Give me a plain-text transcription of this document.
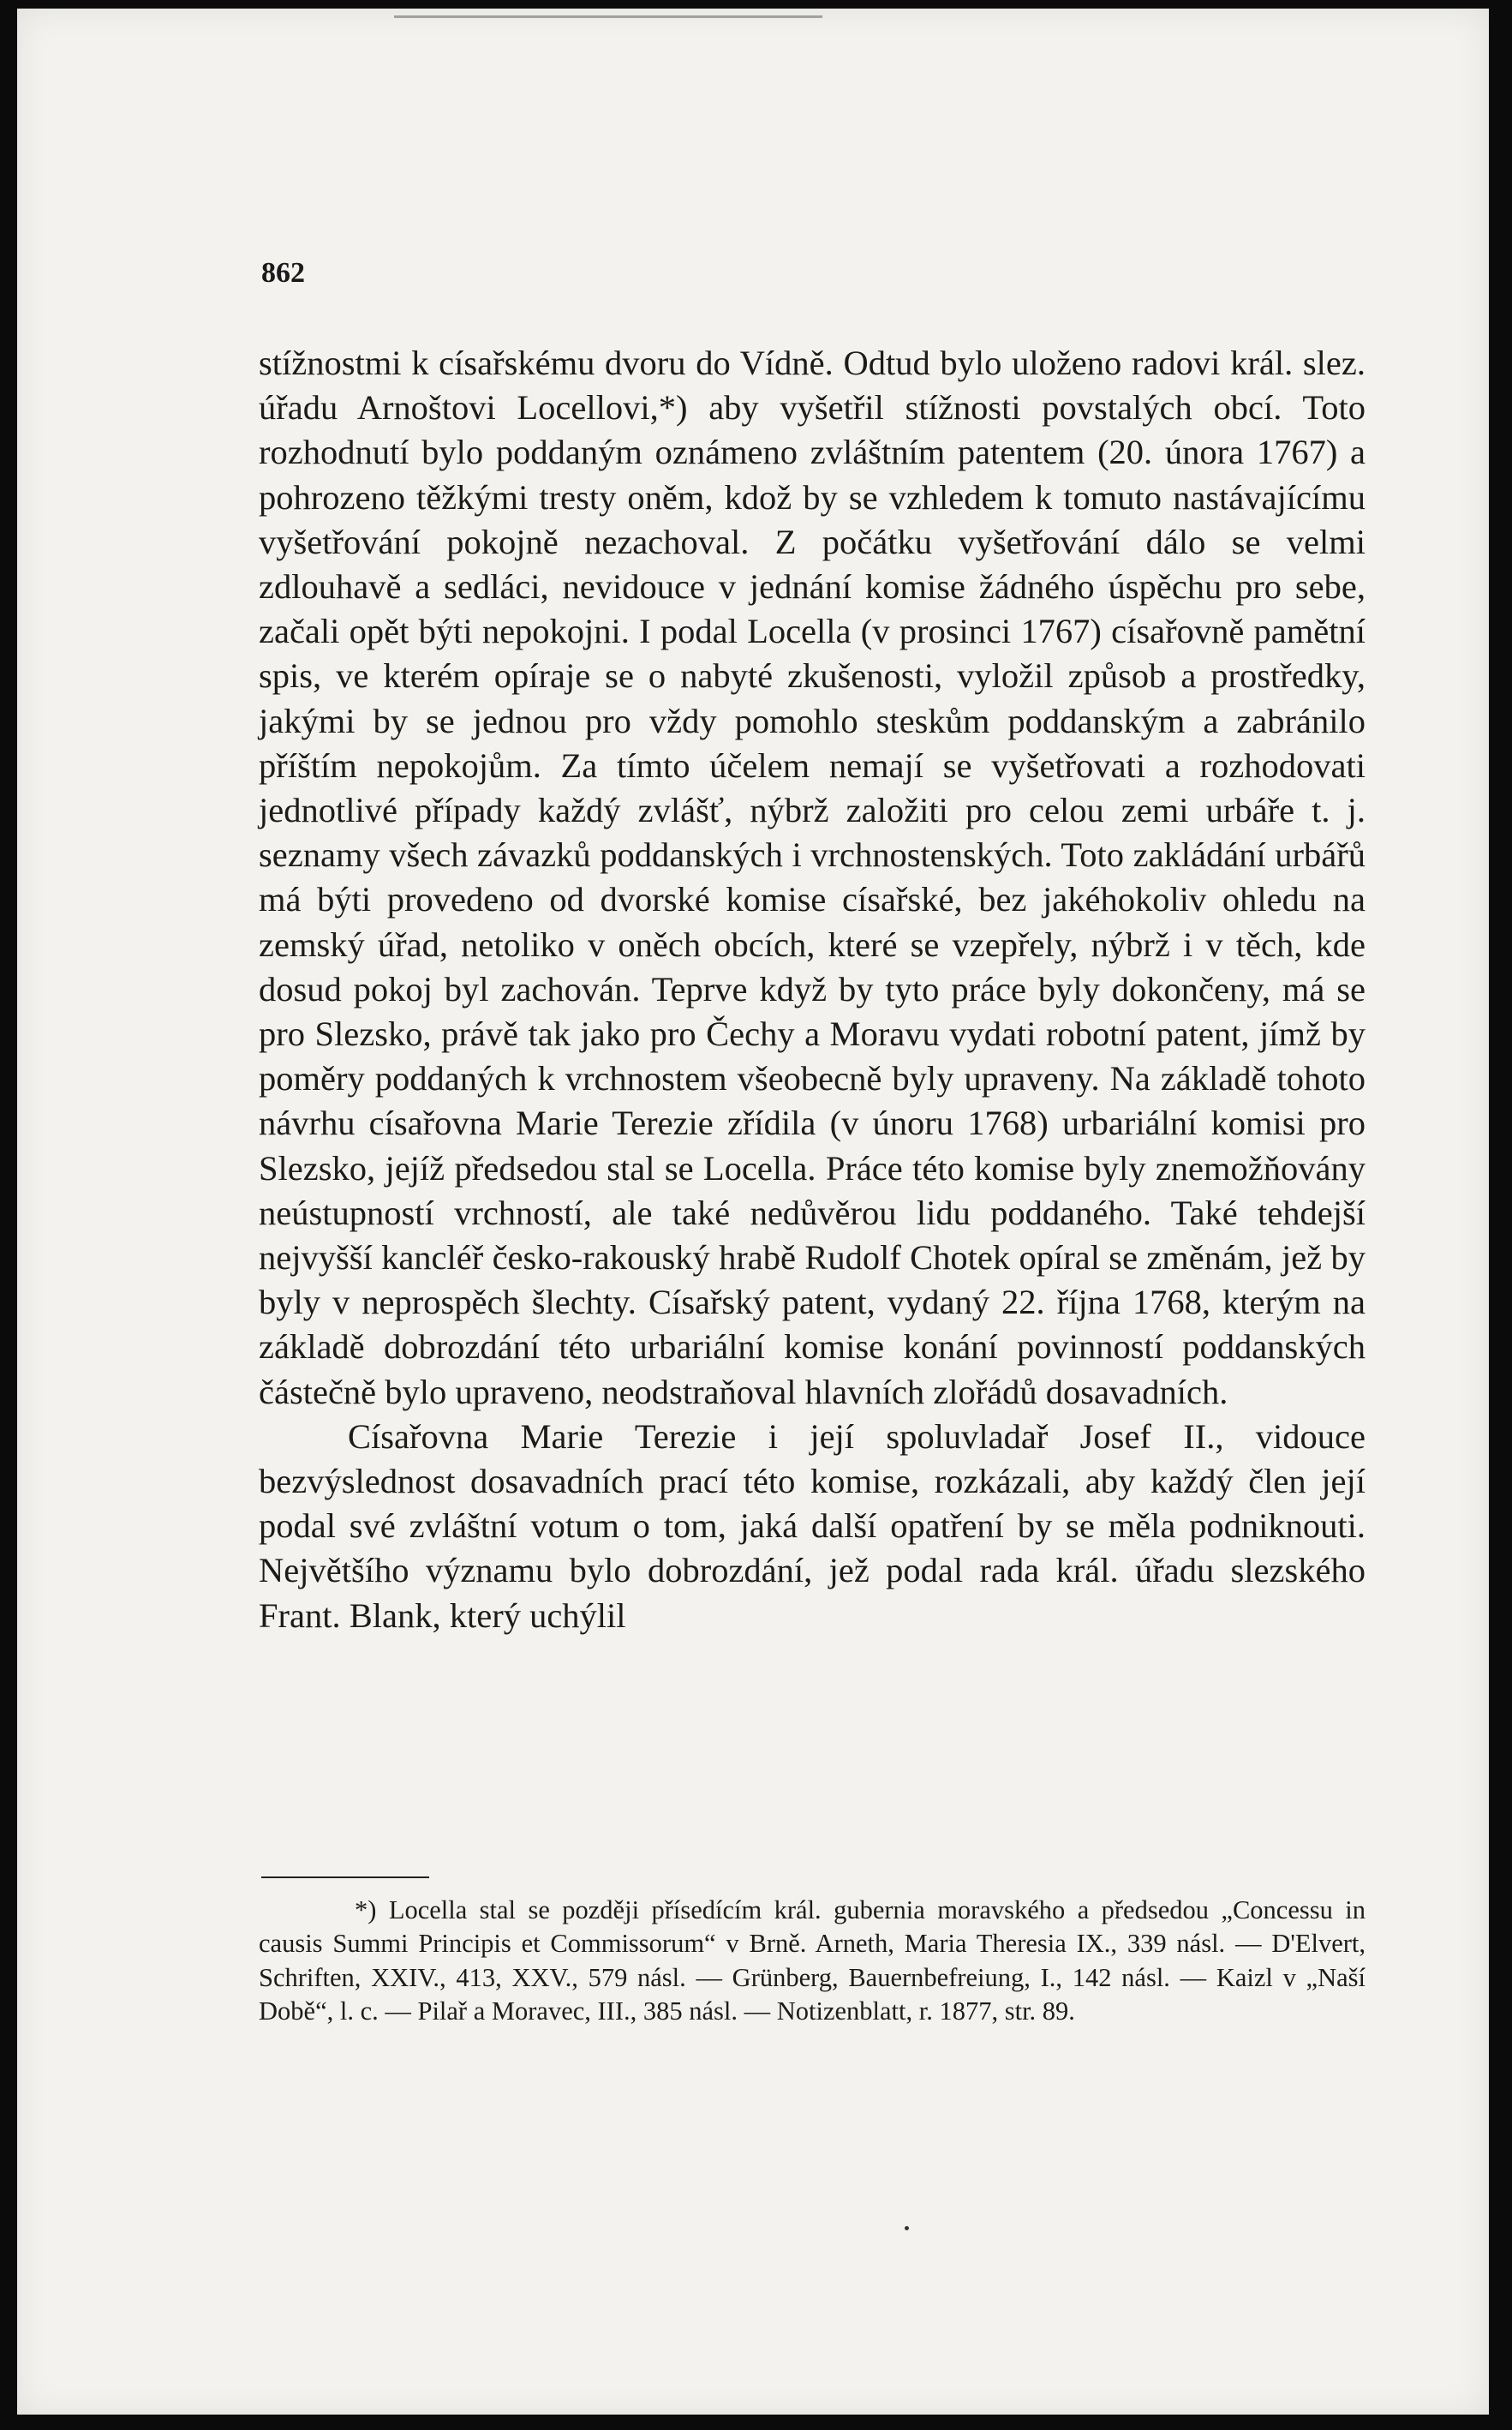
862

stížnostmi k císařskému dvoru do Vídně. Odtud bylo uloženo radovi král. slez. úřadu Arnoštovi Locellovi,*) aby vyšetřil stížnosti povstalých obcí. Toto rozhodnutí bylo poddaným oznámeno zvláštním patentem (20. února 1767) a pohrozeno těžkými tresty oněm, kdož by se vzhledem k tomuto nastávajícímu vyšetřování pokojně nezachoval. Z počátku vyšetřování dálo se velmi zdlouhavě a sedláci, nevidouce v jednání komise žádného úspěchu pro sebe, začali opět býti nepokojni. I podal Locella (v prosinci 1767) císařovně pamětní spis, ve kterém opíraje se o nabyté zkušenosti, vyložil způsob a prostředky, jakými by se jednou pro vždy pomohlo steskům poddanským a zabránilo příštím nepokojům. Za tímto účelem nemají se vyšetřovati a rozhodovati jednotlivé případy každý zvlášť, nýbrž založiti pro celou zemi urbáře t. j. seznamy všech závazků poddanských i vrchnostenských. Toto zakládání urbářů má býti provedeno od dvorské komise císařské, bez jakéhokoliv ohledu na zemský úřad, netoliko v oněch obcích, které se vzepřely, nýbrž i v těch, kde dosud pokoj byl zachován. Teprve když by tyto práce byly dokončeny, má se pro Slezsko, právě tak jako pro Čechy a Moravu vydati robotní patent, jímž by poměry poddaných k vrchnostem všeobecně byly upraveny. Na základě tohoto návrhu císařovna Marie Terezie zřídila (v únoru 1768) urbariální komisi pro Slezsko, jejíž předsedou stal se Locella. Práce této komise byly znemožňovány neústupností vrchností, ale také nedůvěrou lidu poddaného. Také tehdejší nejvyšší kancléř česko-rakouský hrabě Rudolf Chotek opíral se změnám, jež by byly v neprospěch šlechty. Císařský patent, vydaný 22. října 1768, kterým na základě dobrozdání této urbariální komise konání povinností poddanských částečně bylo upraveno, neodstraňoval hlavních zlořádů dosavadních.

Císařovna Marie Terezie i její spoluvladař Josef II., vidouce bezvýslednost dosavadních prací této komise, rozkázali, aby každý člen její podal své zvláštní votum o tom, jaká další opatření by se měla podniknouti. Největšího významu bylo dobrozdání, jež podal rada král. úřadu slezského Frant. Blank, který uchýlil

*) Locella stal se později přísedícím král. gubernia moravského a předsedou „Concessu in causis Summi Principis et Commissorum“ v Brně. Arneth, Maria Theresia IX., 339 násl. — D'Elvert, Schriften, XXIV., 413, XXV., 579 násl. — Grünberg, Bauernbefreiung, I., 142 násl. — Kaizl v „Naší Době“, l. c. — Pilař a Moravec, III., 385 násl. — Notizenblatt, r. 1877, str. 89.
